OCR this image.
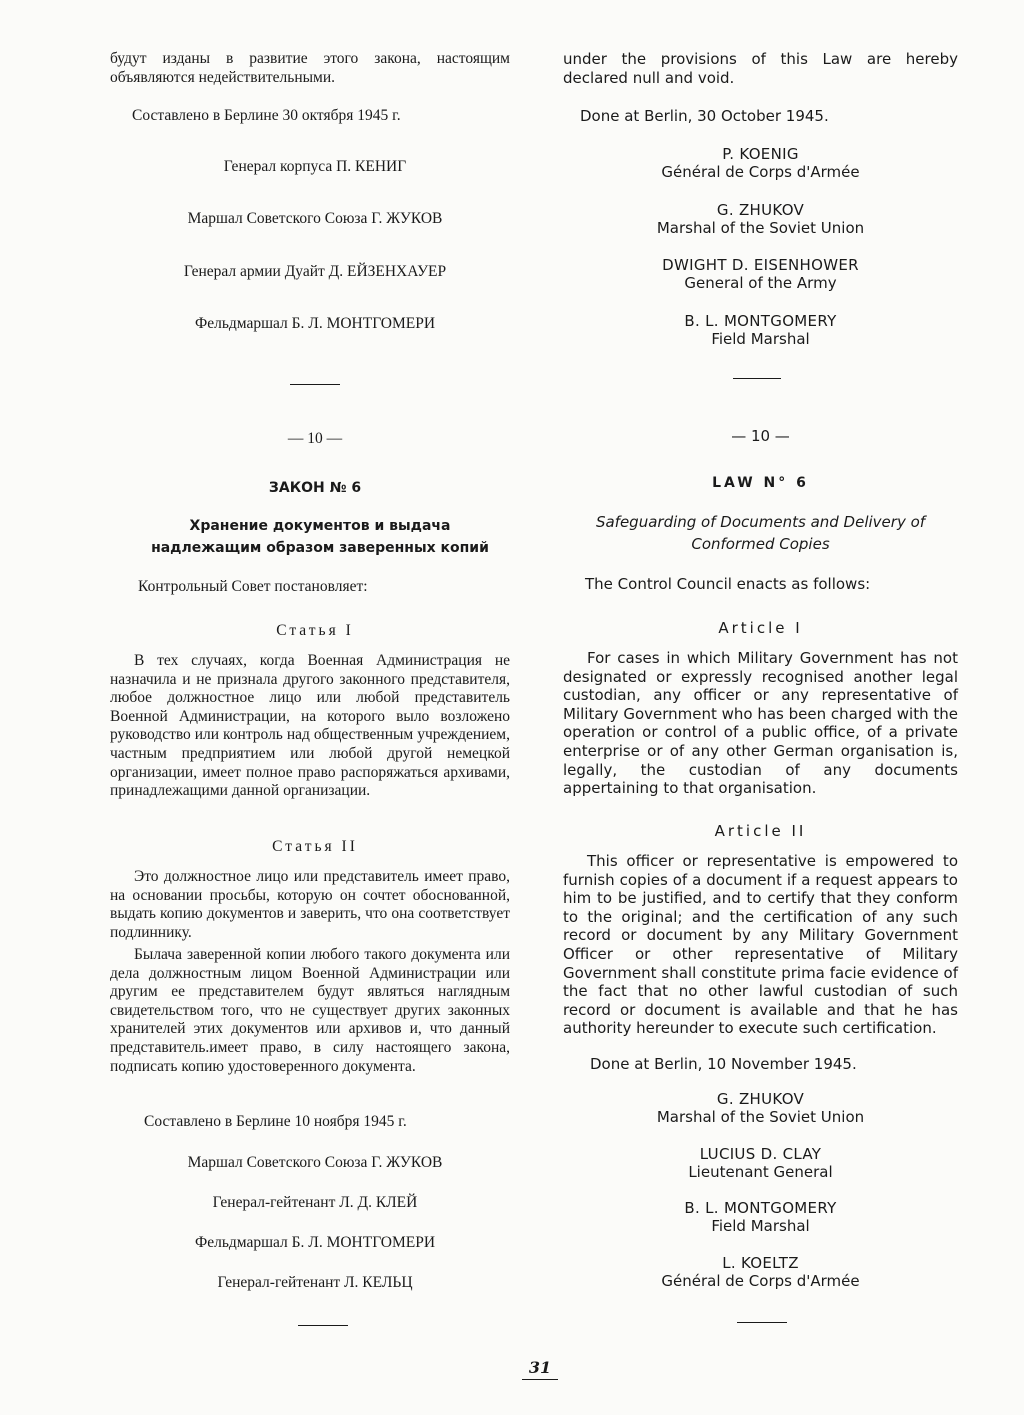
будут изданы в развитие этого закона, настоящим объявляются недействительными.

Составлено в Берлине 30 октября 1945 г.
Генерал корпуса П. КЕНИГ
Маршал Советского Союза Г. ЖУКОВ
Генерал армии Дуайт Д. ЕЙЗЕНХАУЕР
Фельдмаршал Б. Л. МОНТГОМЕРИ
— 10 —
ЗАКОН № 6
Хранение документов и выдача надлежащим образом заверенных копий
Контрольный Совет постановляет:
Статья I

В тех случаях, когда Военная Администрация не назначила и не признала другого законного представителя, любое должностное лицо или любой представитель Военной Администрации, на которого выло возложено руководство или контроль над общественным учреждением, частным предприятием или любой другой немецкой организации, имеет полное право распоряжаться архивами, принадлежащими данной организации.

Статья II

Это должностное лицо или представитель имеет право, на основании просьбы, которую он сочтет обоснованной, выдать копию документов и заверить, что она соответствует подлиннику.

Былача заверенной копии любого такого документа или дела должностным лицом Военной Администрации или другим ее представителем будут являться наглядным свидетельством того, что не существует других законных хранителей этих документов или архивов и, что данный представитель.имеет право, в силу настоящего закона, подписать копию удостоверенного документа.

Составлено в Берлине 10 ноября 1945 г.
Маршал Советского Союза Г. ЖУКОВ
Генерал-гейтенант Л. Д. КЛЕЙ
Фельдмаршал Б. Л. МОНТГОМЕРИ
Генерал-гейтенант Л. КЕЛЬЦ

under the provisions of this Law are hereby declared null and void.

Done at Berlin, 30 October 1945.
P. KOENIG
Général de Corps d'Armée
G. ZHUKOV
Marshal of the Soviet Union
DWIGHT D. EISENHOWER
General of the Army
B. L. MONTGOMERY
Field Marshal
— 10 —
LAW N° 6
Safeguarding of Documents and Delivery of
Conformed Copies
The Control Council enacts as follows:
Article I

For cases in which Military Government has not designated or expressly recognised another legal custodian, any officer or any representative of Military Government who has been charged with the operation or control of a public office, of a private enterprise or of any other German organisation is, legally, the custodian of any documents appertaining to that organisation.

Article II

This officer or representative is empowered to furnish copies of a document if a request appears to him to be justified, and to certify that they conform to the original; and the certification of any such record or document by any Military Government Officer or other representative of Military Government shall constitute prima facie evidence of the fact that no other lawful custodian of such record or document is available and that he has authority hereunder to execute such certification.

Done at Berlin, 10 November 1945.
G. ZHUKOV
Marshal of the Soviet Union
LUCIUS D. CLAY
Lieutenant General
B. L. MONTGOMERY
Field Marshal
L. KOELTZ
Général de Corps d'Armée
31
